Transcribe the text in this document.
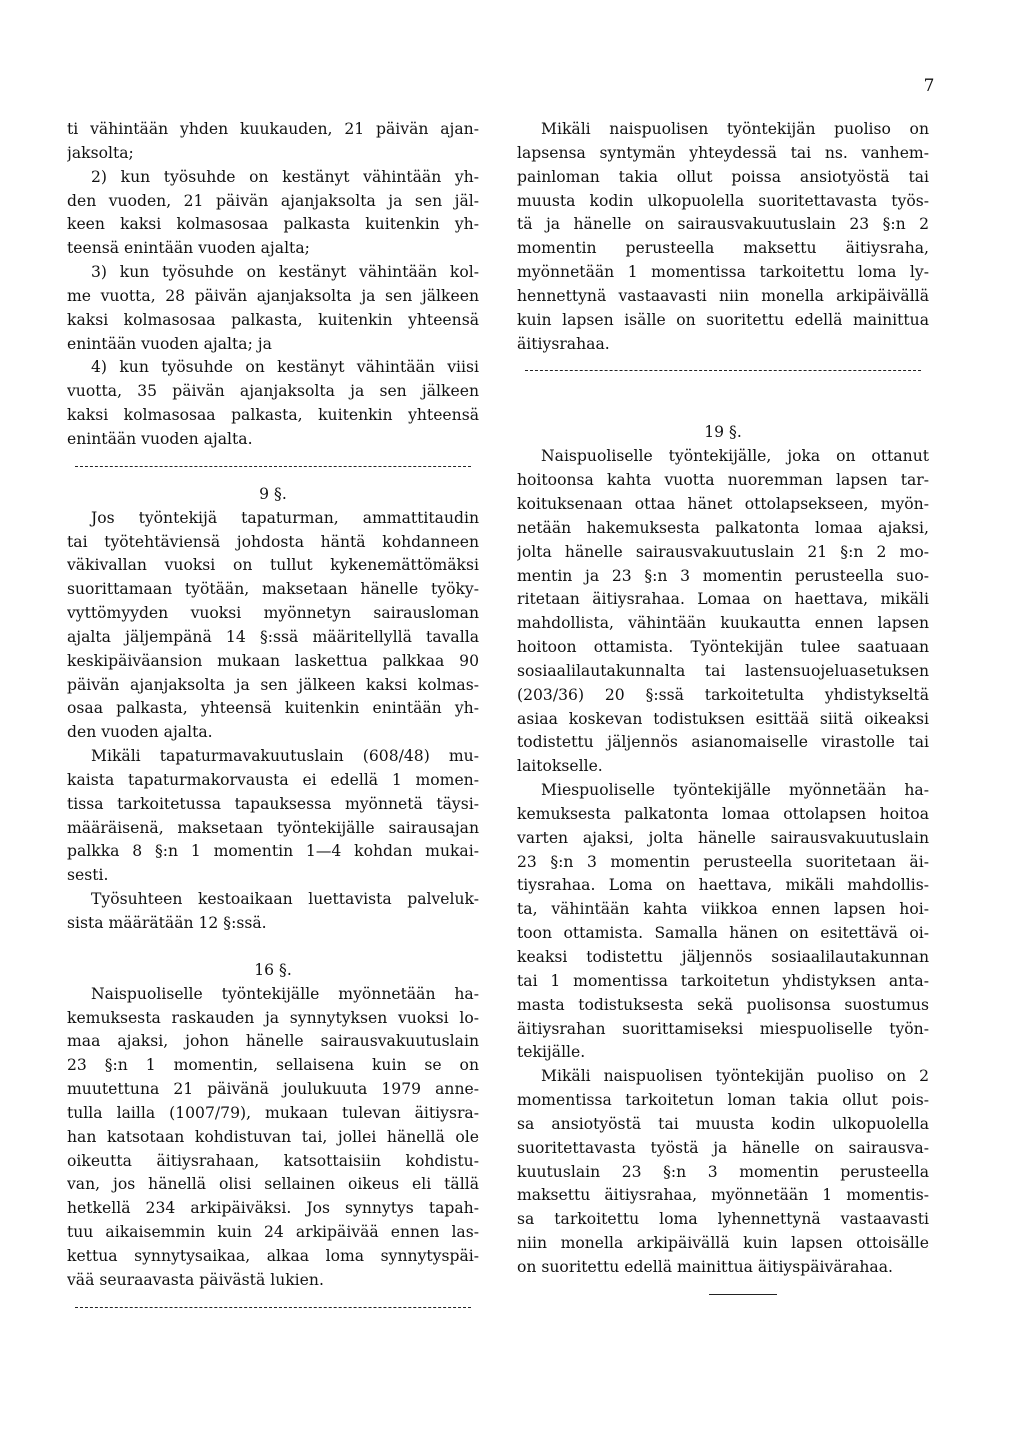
7
ti vähintään yhden kuukauden, 21 päivän ajan-
jaksolta;
2) kun työsuhde on kestänyt vähintään yh-
den vuoden, 21 päivän ajanjaksolta ja sen jäl-
keen kaksi kolmasosaa palkasta kuitenkin yh-
teensä enintään vuoden ajalta;
3) kun työsuhde on kestänyt vähintään kol-
me vuotta, 28 päivän ajanjaksolta ja sen jälkeen
kaksi kolmasosaa palkasta, kuitenkin yhteensä
enintään vuoden ajalta; ja
4) kun työsuhde on kestänyt vähintään viisi
vuotta, 35 päivän ajanjaksolta ja sen jälkeen
kaksi kolmasosaa palkasta, kuitenkin yhteensä
enintään vuoden ajalta.
9 §.
Jos työntekijä tapaturman, ammattitaudin
tai työtehtäviensä johdosta häntä kohdanneen
väkivallan vuoksi on tullut kykenemättömäksi
suorittamaan työtään, maksetaan hänelle työky-
vyttömyyden vuoksi myönnetyn sairausloman
ajalta jäljempänä 14 §:ssä määritellyllä tavalla
keskipäiväansion mukaan laskettua palkkaa 90
päivän ajanjaksolta ja sen jälkeen kaksi kolmas-
osaa palkasta, yhteensä kuitenkin enintään yh-
den vuoden ajalta.
Mikäli tapaturmavakuutuslain (608/48) mu-
kaista tapaturmakorvausta ei edellä 1 momen-
tissa tarkoitetussa tapauksessa myönnetä täysi-
määräisenä, maksetaan työntekijälle sairausajan
palkka 8 §:n 1 momentin 1—4 kohdan mukai-
sesti.
Työsuhteen kestoaikaan luettavista palveluk-
sista määrätään 12 §:ssä.
16 §.
Naispuoliselle työntekijälle myönnetään ha-
kemuksesta raskauden ja synnytyksen vuoksi lo-
maa ajaksi, johon hänelle sairausvakuutuslain
23 §:n 1 momentin, sellaisena kuin se on
muutettuna 21 päivänä joulukuuta 1979 anne-
tulla lailla (1007/79), mukaan tulevan äitiysra-
han katsotaan kohdistuvan tai, jollei hänellä ole
oikeutta äitiysrahaan, katsottaisiin kohdistu-
van, jos hänellä olisi sellainen oikeus eli tällä
hetkellä 234 arkipäiväksi. Jos synnytys tapah-
tuu aikaisemmin kuin 24 arkipäivää ennen las-
kettua synnytysaikaa, alkaa loma synnytyspäi-
vää seuraavasta päivästä lukien.
Mikäli naispuolisen työntekijän puoliso on
lapsensa syntymän yhteydessä tai ns. vanhem-
painloman takia ollut poissa ansiotyöstä tai
muusta kodin ulkopuolella suoritettavasta työs-
tä ja hänelle on sairausvakuutuslain 23 §:n 2
momentin perusteella maksettu äitiysraha,
myönnetään 1 momentissa tarkoitettu loma ly-
hennettynä vastaavasti niin monella arkipäivällä
kuin lapsen isälle on suoritettu edellä mainittua
äitiysrahaa.
19 §.
Naispuoliselle työntekijälle, joka on ottanut
hoitoonsa kahta vuotta nuoremman lapsen tar-
koituksenaan ottaa hänet ottolapsekseen, myön-
netään hakemuksesta palkatonta lomaa ajaksi,
jolta hänelle sairausvakuutuslain 21 §:n 2 mo-
mentin ja 23 §:n 3 momentin perusteella suo-
ritetaan äitiysrahaa. Lomaa on haettava, mikäli
mahdollista, vähintään kuukautta ennen lapsen
hoitoon ottamista. Työntekijän tulee saatuaan
sosiaalilautakunnalta tai lastensuojeluasetuksen
(203/36) 20 §:ssä tarkoitetulta yhdistykseltä
asiaa koskevan todistuksen esittää siitä oikeaksi
todistettu jäljennös asianomaiselle virastolle tai
laitokselle.
Miespuoliselle työntekijälle myönnetään ha-
kemuksesta palkatonta lomaa ottolapsen hoitoa
varten ajaksi, jolta hänelle sairausvakuutuslain
23 §:n 3 momentin perusteella suoritetaan äi-
tiysrahaa. Loma on haettava, mikäli mahdollis-
ta, vähintään kahta viikkoa ennen lapsen hoi-
toon ottamista. Samalla hänen on esitettävä oi-
keaksi todistettu jäljennös sosiaalilautakunnan
tai 1 momentissa tarkoitetun yhdistyksen anta-
masta todistuksesta sekä puolisonsa suostumus
äitiysrahan suorittamiseksi miespuoliselle työn-
tekijälle.
Mikäli naispuolisen työntekijän puoliso on 2
momentissa tarkoitetun loman takia ollut pois-
sa ansiotyöstä tai muusta kodin ulkopuolella
suoritettavasta työstä ja hänelle on sairausva-
kuutuslain 23 §:n 3 momentin perusteella
maksettu äitiysrahaa, myönnetään 1 momentis-
sa tarkoitettu loma lyhennettynä vastaavasti
niin monella arkipäivällä kuin lapsen ottoisälle
on suoritettu edellä mainittua äitiyspäivärahaa.
